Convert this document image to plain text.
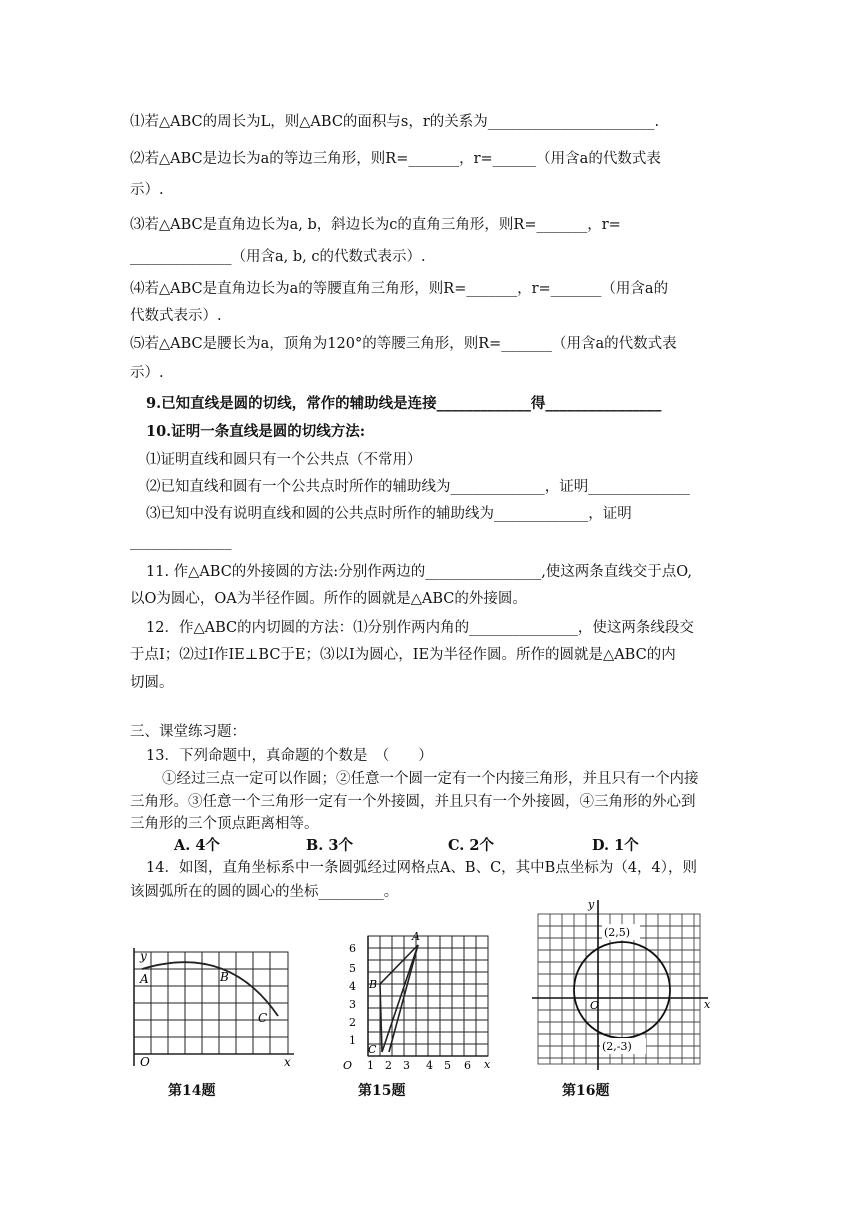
⑴若△ABC的周长为L，则△ABC的面积与s，r的关系为_______________________.
⑵若△ABC是边长为a的等边三角形，则R=_______，r=______（用含a的代数式表
示）.
⑶若△ABC是直角边长为a, b，斜边长为c的直角三角形，则R=_______，r=
______________（用含a, b, c的代数式表示）.
⑷若△ABC是直角边长为a的等腰直角三角形，则R=_______，r=_______（用含a的
代数式表示）.
⑸若△ABC是腰长为a，顶角为120°的等腰三角形，则R=_______（用含a的代数式表
示）.
9.已知直线是圆的切线，常作的辅助线是连接_____________得________________
10.证明一条直线是圆的切线方法:
⑴证明直线和圆只有一个公共点（不常用）
⑵已知直线和圆有一个公共点时所作的辅助线为_____________，证明______________
⑶已知中没有说明直线和圆的公共点时所作的辅助线为_____________，证明
______________
11. 作△ABC的外接圆的方法:分别作两边的________________,使这两条直线交于点O,
以O为圆心，OA为半径作圆。所作的圆就是△ABC的外接圆。
12．作△ABC的内切圆的方法：⑴分别作两内角的_______________，使这两条线段交
于点I；⑵过I作IE⊥BC于E；⑶以I为圆心，IE为半径作圆。所作的圆就是△ABC的内
切圆。
三、课堂练习题：
13．下列命题中，真命题的个数是　（　　）
①经过三点一定可以作圆；②任意一个圆一定有一个内接三角形，并且只有一个内接
三角形。③任意一个三角形一定有一个外接圆，并且只有一个外接圆，④三角形的外心到
三角形的三个顶点距离相等。
A. 4个	B. 3个	C. 2个	D. 1个
14．如图，直角坐标系中一条圆弧经过网格点A、B、C，其中B点坐标为（4，4），则
该圆弧所在的圆的圆心的坐标_________。
y
A	B
C
O	x
第14题
A
B
C
6
5
4
3
2
1
O 1 2 3 4 5 6 x
第15题
y
(2,5)
O	x
(2,-3)
第16题
